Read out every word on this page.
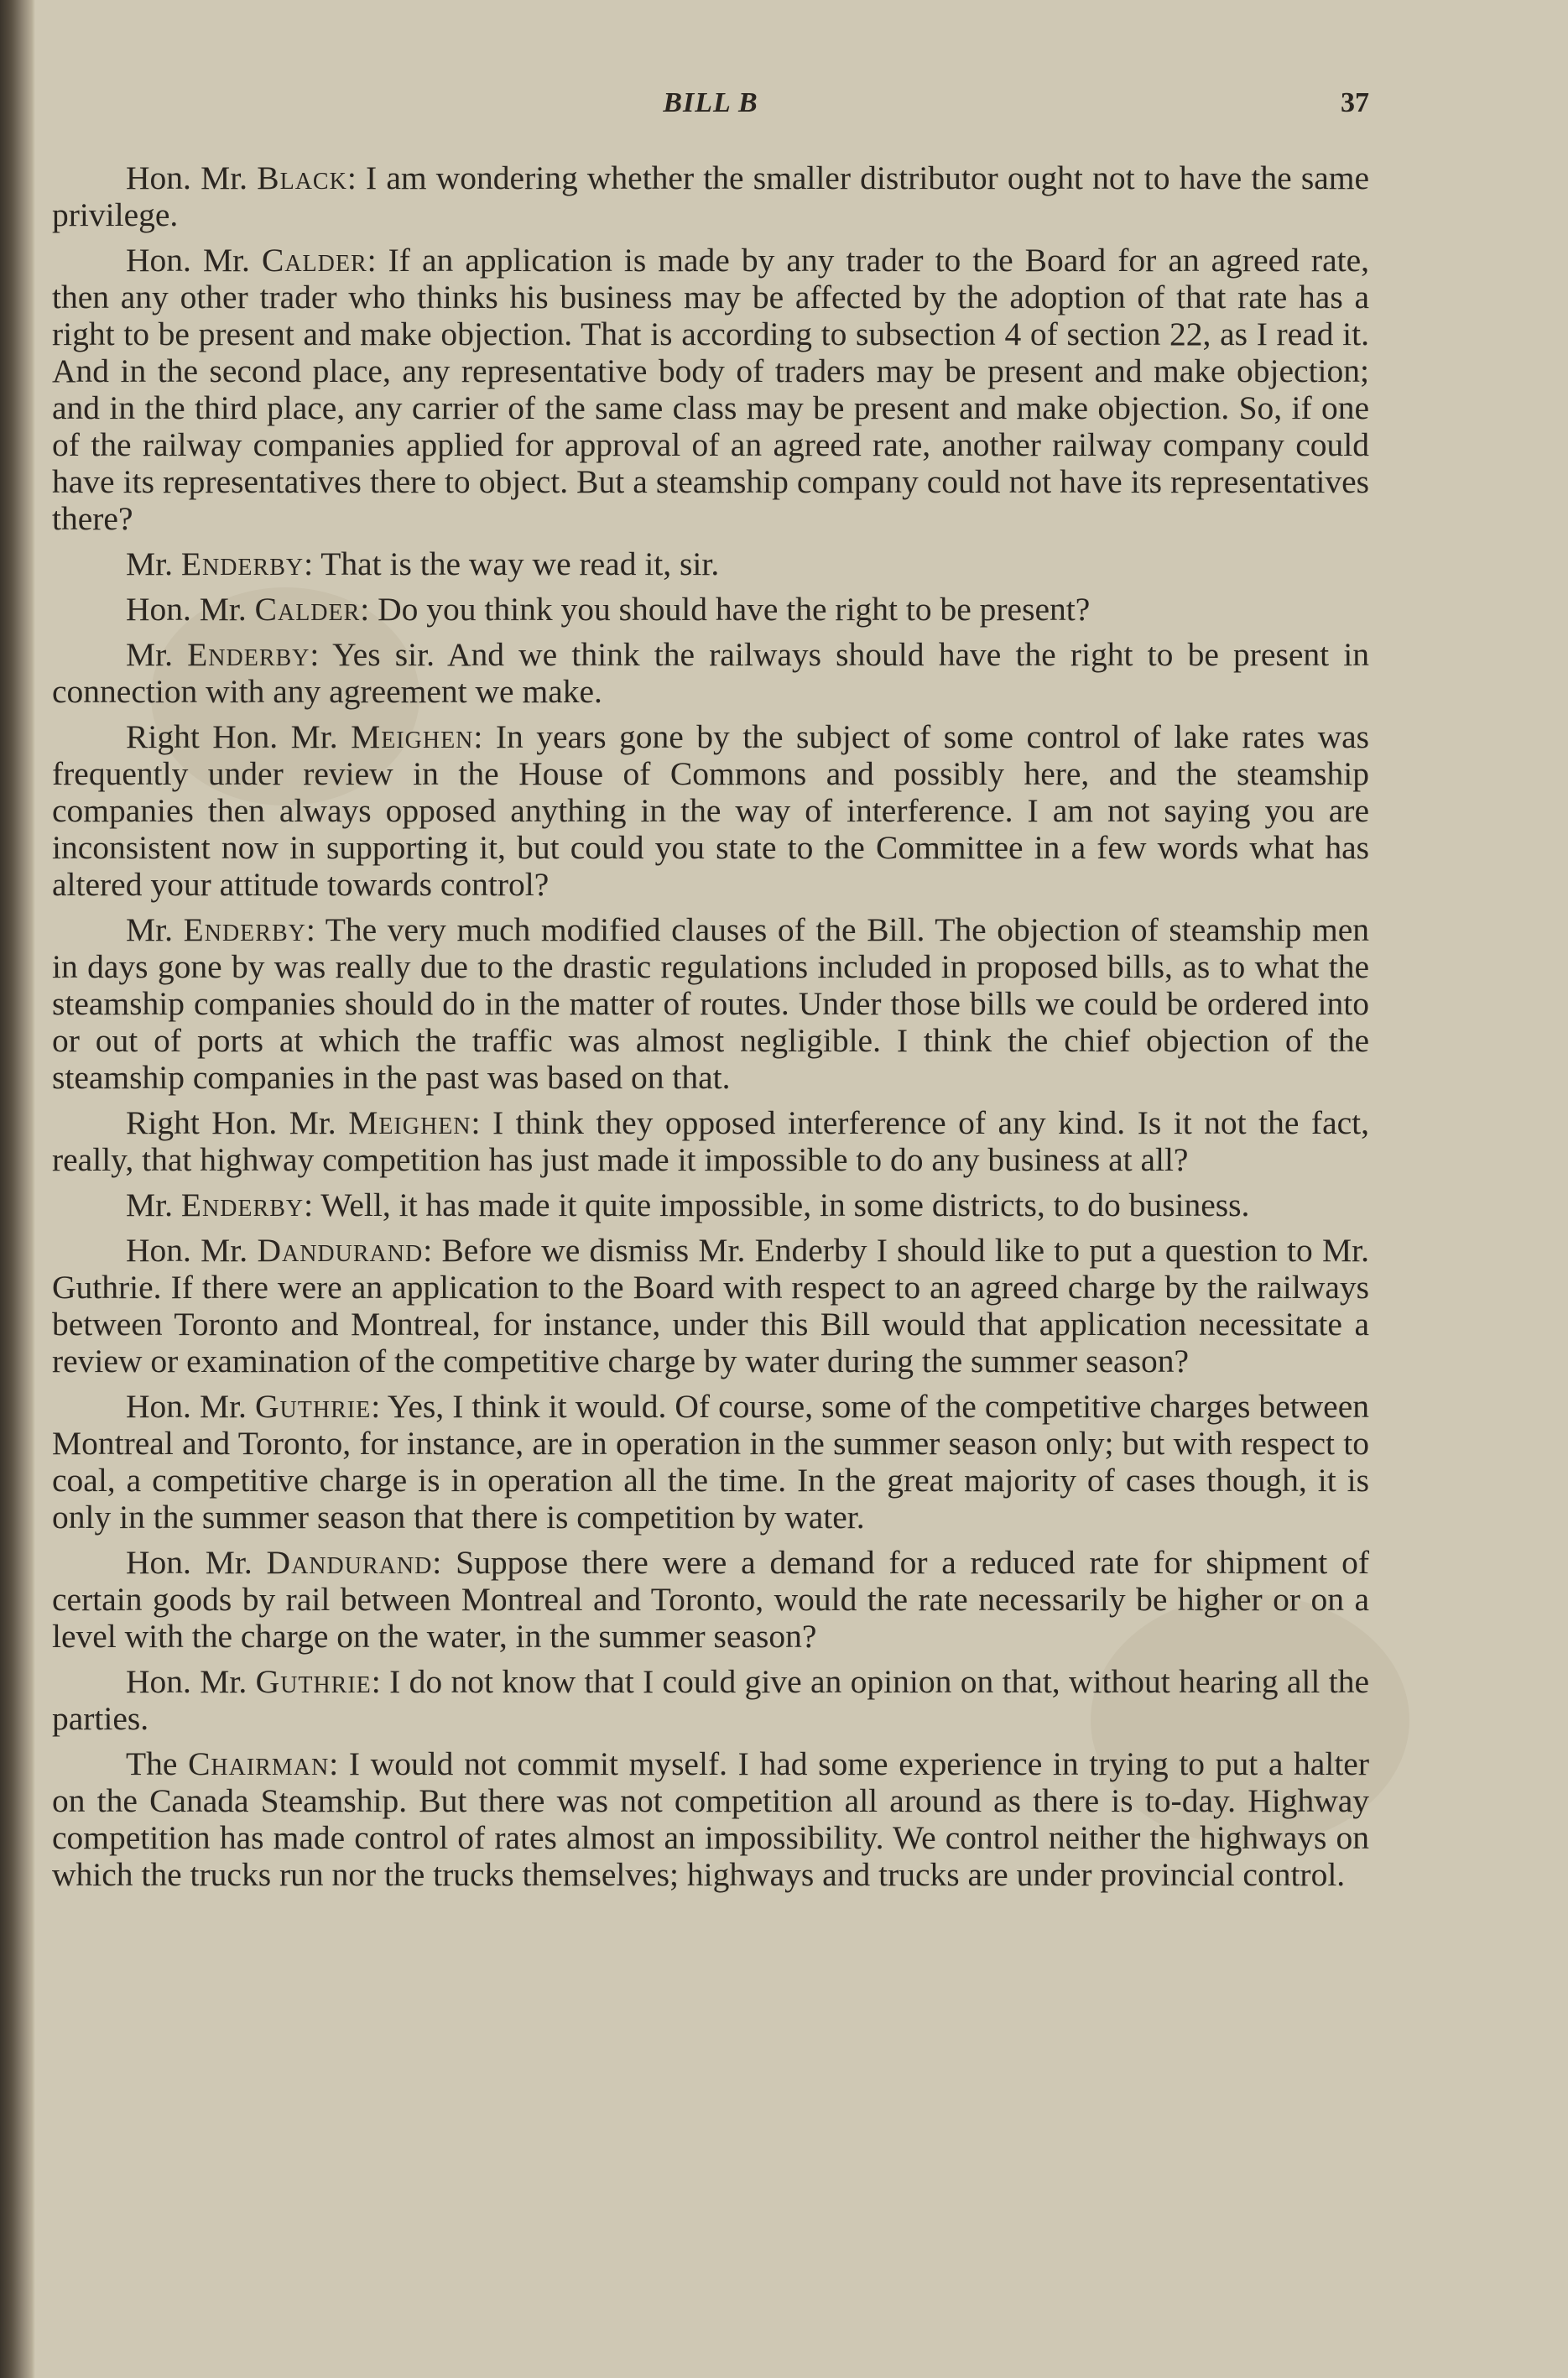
BILL B	37

Hon. Mr. Black: I am wondering whether the smaller distributor ought not to have the same privilege.

Hon. Mr. Calder: If an application is made by any trader to the Board for an agreed rate, then any other trader who thinks his business may be affected by the adoption of that rate has a right to be present and make objection. That is according to subsection 4 of section 22, as I read it. And in the second place, any representative body of traders may be present and make objection; and in the third place, any carrier of the same class may be present and make objection. So, if one of the railway companies applied for approval of an agreed rate, another railway company could have its representatives there to object. But a steamship company could not have its representatives there?

Mr. Enderby: That is the way we read it, sir.

Hon. Mr. Calder: Do you think you should have the right to be present?

Mr. Enderby: Yes sir. And we think the railways should have the right to be present in connection with any agreement we make.

Right Hon. Mr. Meighen: In years gone by the subject of some control of lake rates was frequently under review in the House of Commons and possibly here, and the steamship companies then always opposed anything in the way of interference. I am not saying you are inconsistent now in supporting it, but could you state to the Committee in a few words what has altered your attitude towards control?

Mr. Enderby: The very much modified clauses of the Bill. The objection of steamship men in days gone by was really due to the drastic regulations included in proposed bills, as to what the steamship companies should do in the matter of routes. Under those bills we could be ordered into or out of ports at which the traffic was almost negligible. I think the chief objection of the steamship companies in the past was based on that.

Right Hon. Mr. Meighen: I think they opposed interference of any kind. Is it not the fact, really, that highway competition has just made it impossible to do any business at all?

Mr. Enderby: Well, it has made it quite impossible, in some districts, to do business.

Hon. Mr. Dandurand: Before we dismiss Mr. Enderby I should like to put a question to Mr. Guthrie. If there were an application to the Board with respect to an agreed charge by the railways between Toronto and Montreal, for instance, under this Bill would that application necessitate a review or examination of the competitive charge by water during the summer season?

Hon. Mr. Guthrie: Yes, I think it would. Of course, some of the competitive charges between Montreal and Toronto, for instance, are in operation in the summer season only; but with respect to coal, a competitive charge is in operation all the time. In the great majority of cases though, it is only in the summer season that there is competition by water.

Hon. Mr. Dandurand: Suppose there were a demand for a reduced rate for shipment of certain goods by rail between Montreal and Toronto, would the rate necessarily be higher or on a level with the charge on the water, in the summer season?

Hon. Mr. Guthrie: I do not know that I could give an opinion on that, without hearing all the parties.

The Chairman: I would not commit myself. I had some experience in trying to put a halter on the Canada Steamship. But there was not competition all around as there is to-day. Highway competition has made control of rates almost an impossibility. We control neither the highways on which the trucks run nor the trucks themselves; highways and trucks are under provincial control.
